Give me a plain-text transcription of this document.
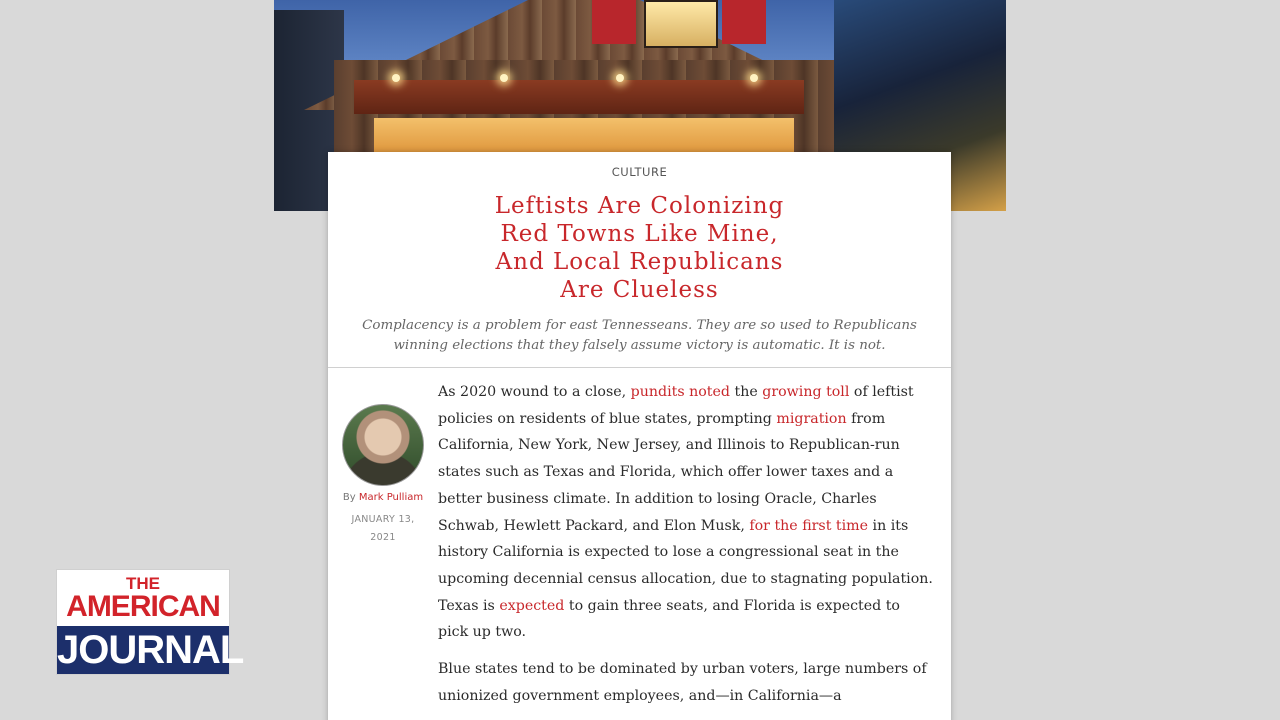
CULTURE
Leftists Are Colonizing
Red Towns Like Mine,
And Local Republicans
Are Clueless

Complacency is a problem for east Tennesseans. They are so used to Republicans winning elections that they falsely assume victory is automatic. It is not.

By Mark Pulliam
JANUARY 13,
2021

As 2020 wound to a close, pundits noted the growing toll of leftist policies on residents of blue states, prompting migration from California, New York, New Jersey, and Illinois to Republican-run states such as Texas and Florida, which offer lower taxes and a better business climate. In addition to losing Oracle, Charles Schwab, Hewlett Packard, and Elon Musk, for the first time in its history California is expected to lose a congressional seat in the upcoming decennial census allocation, due to stagnating population. Texas is expected to gain three seats, and Florida is expected to pick up two.

Blue states tend to be dominated by urban voters, large numbers of unionized government employees, and—in California—a

THE
AMERICAN
JOURNAL
